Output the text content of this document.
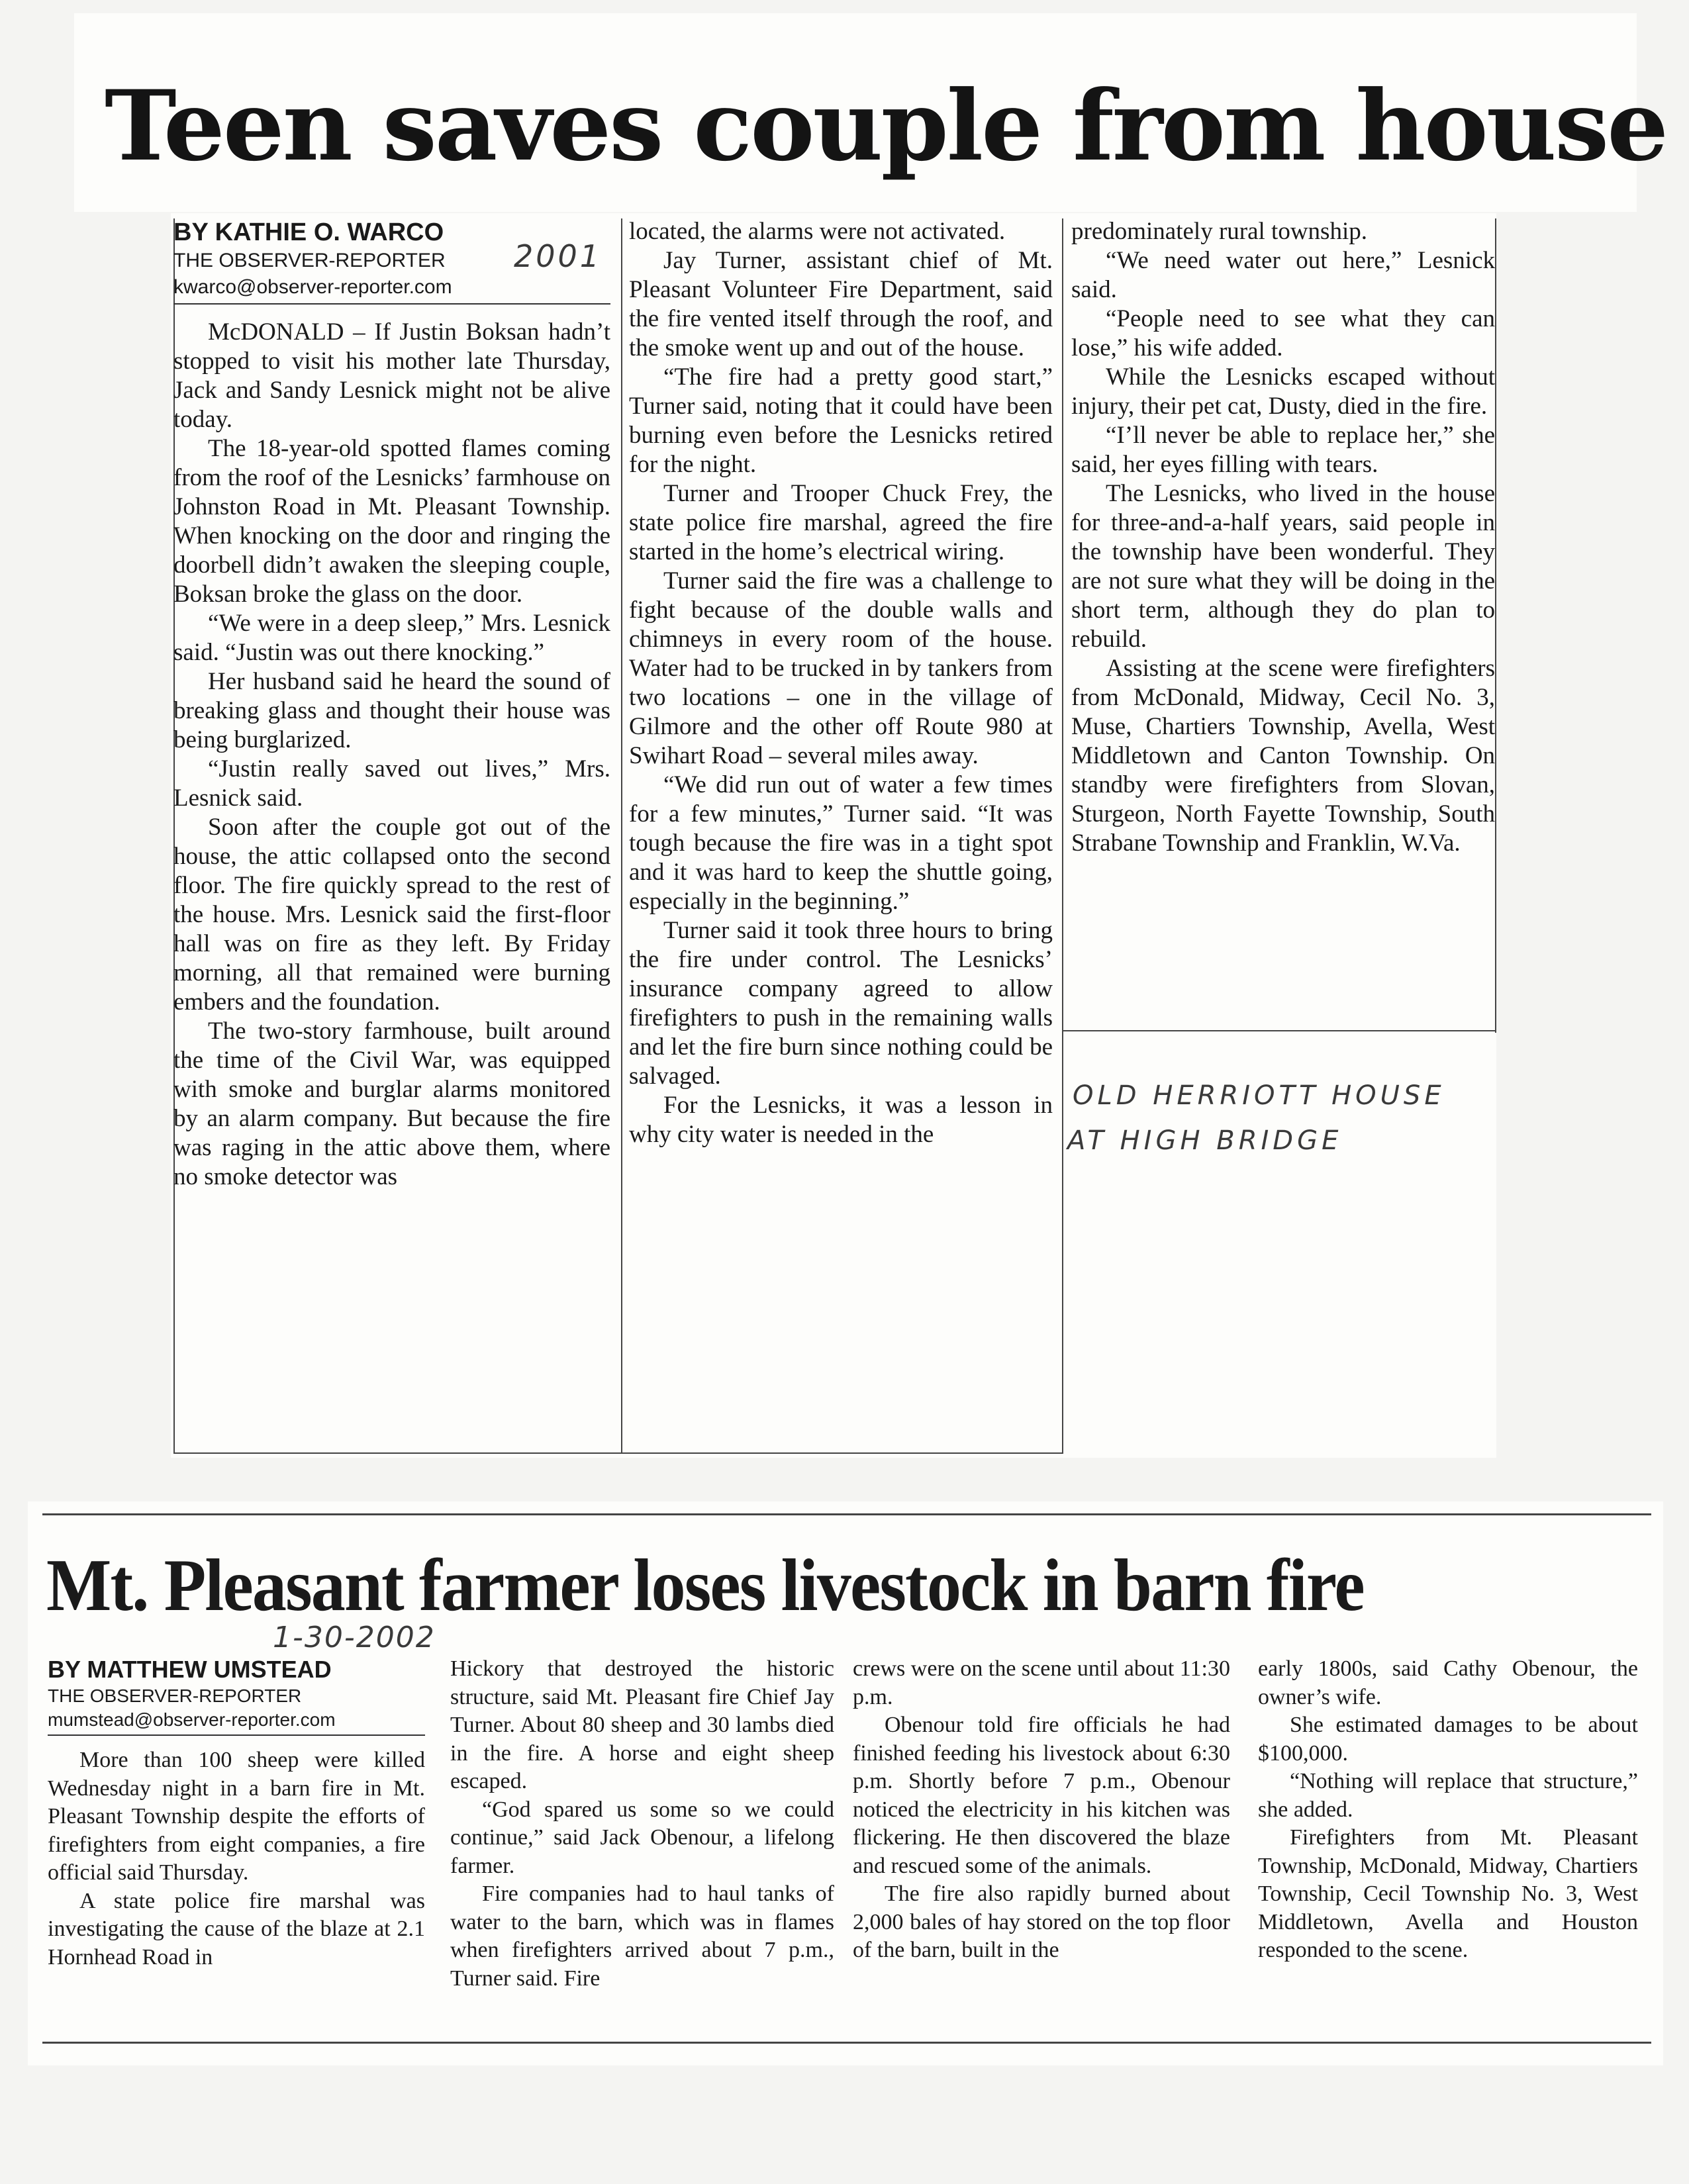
Teen saves couple from house
BY KATHIE O. WARCO
THE OBSERVER-REPORTER
kwarco@observer-reporter.com

McDONALD – If Justin Boksan hadn’t stopped to visit his mother late Thursday, Jack and Sandy Lesnick might not be alive today.

The 18-year-old spotted flames coming from the roof of the Lesnicks’ farmhouse on Johnston Road in Mt. Pleasant Township. When knocking on the door and ringing the doorbell didn’t awaken the sleeping couple, Boksan broke the glass on the door.

“We were in a deep sleep,” Mrs. Lesnick said. “Justin was out there knocking.”

Her husband said he heard the sound of breaking glass and thought their house was being burglarized.

“Justin really saved out lives,” Mrs. Lesnick said.

Soon after the couple got out of the house, the attic collapsed onto the second floor. The fire quickly spread to the rest of the house. Mrs. Lesnick said the first-floor hall was on fire as they left. By Friday morning, all that remained were burning embers and the foundation.

The two-story farmhouse, built around the time of the Civil War, was equipped with smoke and burglar alarms monitored by an alarm company. But because the fire was raging in the attic above them, where no smoke detector was

2001

located, the alarms were not activated.

Jay Turner, assistant chief of Mt. Pleasant Volunteer Fire Department, said the fire vented itself through the roof, and the smoke went up and out of the house.

“The fire had a pretty good start,” Turner said, noting that it could have been burning even before the Lesnicks retired for the night.

Turner and Trooper Chuck Frey, the state police fire marshal, agreed the fire started in the home’s electrical wiring.

Turner said the fire was a challenge to fight because of the double walls and chimneys in every room of the house. Water had to be trucked in by tankers from two locations – one in the village of Gilmore and the other off Route 980 at Swihart Road – several miles away.

“We did run out of water a few times for a few minutes,” Turner said. “It was tough because the fire was in a tight spot and it was hard to keep the shuttle going, especially in the beginning.”

Turner said it took three hours to bring the fire under control. The Lesnicks’ insurance company agreed to allow firefighters to push in the remaining walls and let the fire burn since nothing could be salvaged.

For the Lesnicks, it was a lesson in why city water is needed in the

predominately rural township.

“We need water out here,” Lesnick said.

“People need to see what they can lose,” his wife added.

While the Lesnicks escaped without injury, their pet cat, Dusty, died in the fire.

“I’ll never be able to replace her,” she said, her eyes filling with tears.

The Lesnicks, who lived in the house for three-and-a-half years, said people in the township have been wonderful. They are not sure what they will be doing in the short term, although they do plan to rebuild.

Assisting at the scene were firefighters from McDonald, Midway, Cecil No. 3, Muse, Chartiers Township, Avella, West Middletown and Canton Township. On standby were firefighters from Slovan, Sturgeon, North Fayette Township, South Strabane Township and Franklin, W.Va.

OLD HERRIOTT HOUSE
AT HIGH BRIDGE
Mt. Pleasant farmer loses livestock in barn fire
1-30-2002
BY MATTHEW UMSTEAD
THE OBSERVER-REPORTER
mumstead@observer-reporter.com

More than 100 sheep were killed Wednesday night in a barn fire in Mt. Pleasant Township despite the efforts of firefighters from eight companies, a fire official said Thursday.

A state police fire marshal was investigating the cause of the blaze at 2.1 Hornhead Road in

Hickory that destroyed the historic structure, said Mt. Pleasant fire Chief Jay Turner. About 80 sheep and 30 lambs died in the fire. A horse and eight sheep escaped.

“God spared us some so we could continue,” said Jack Obenour, a lifelong farmer.

Fire companies had to haul tanks of water to the barn, which was in flames when firefighters arrived about 7 p.m., Turner said. Fire

crews were on the scene until about 11:30 p.m.

Obenour told fire officials he had finished feeding his livestock about 6:30 p.m. Shortly before 7 p.m., Obenour noticed the electricity in his kitchen was flickering. He then discovered the blaze and rescued some of the animals.

The fire also rapidly burned about 2,000 bales of hay stored on the top floor of the barn, built in the

early 1800s, said Cathy Obenour, the owner’s wife.

She estimated damages to be about $100,000.

“Nothing will replace that structure,” she added.

Firefighters from Mt. Pleasant Township, McDonald, Midway, Chartiers Township, Cecil Township No. 3, West Middletown, Avella and Houston responded to the scene.
